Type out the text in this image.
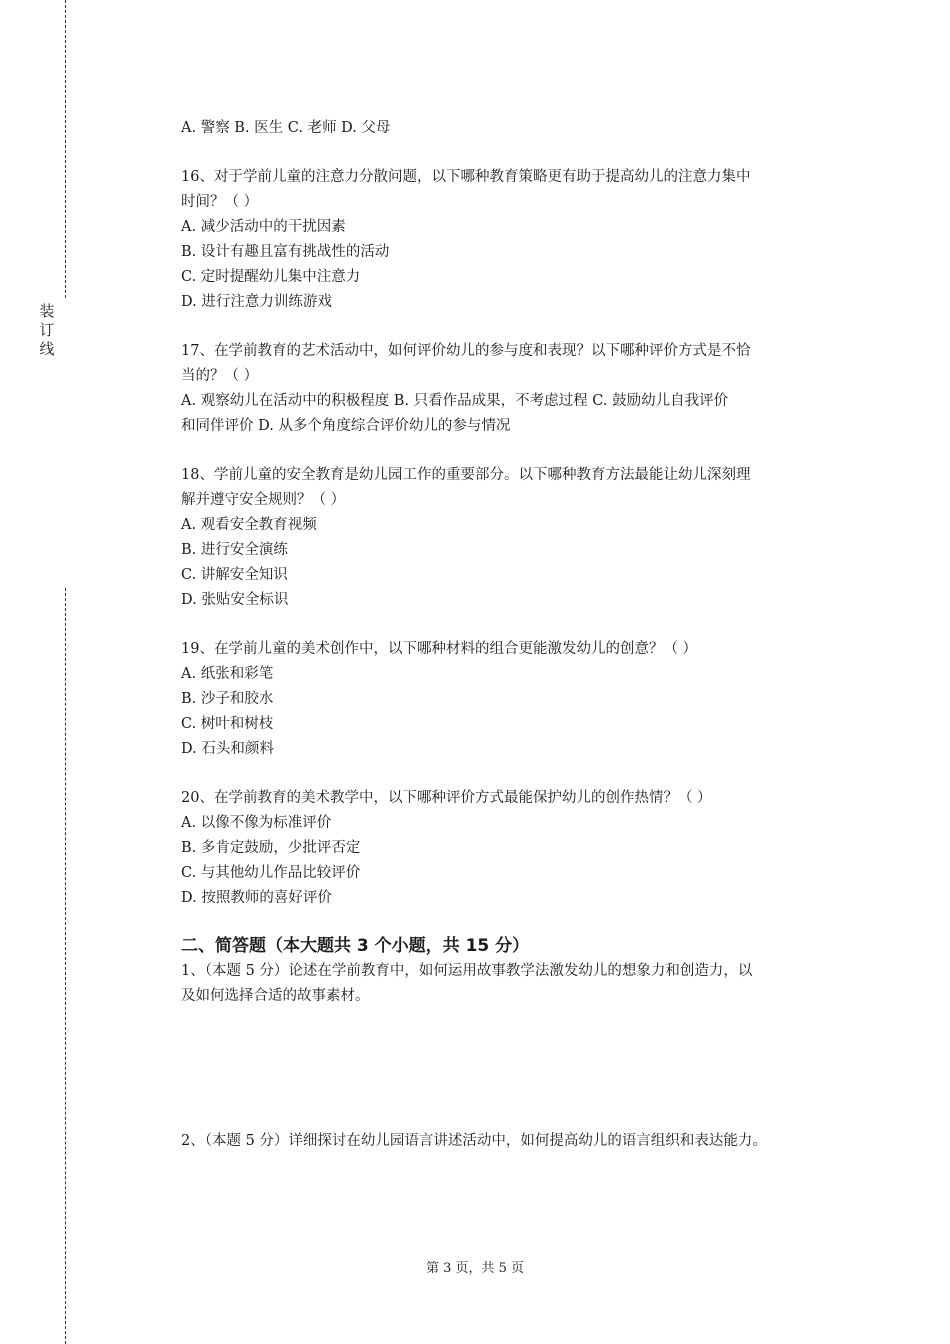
装
订
线
A. 警察 B. 医生 C. 老师 D. 父母
16、对于学前儿童的注意力分散问题，以下哪种教育策略更有助于提高幼儿的注意力集中
时间？（ ）
A. 减少活动中的干扰因素
B. 设计有趣且富有挑战性的活动
C. 定时提醒幼儿集中注意力
D. 进行注意力训练游戏
17、在学前教育的艺术活动中，如何评价幼儿的参与度和表现？以下哪种评价方式是不恰
当的？（ ）
A. 观察幼儿在活动中的积极程度 B. 只看作品成果，不考虑过程 C. 鼓励幼儿自我评价
和同伴评价 D. 从多个角度综合评价幼儿的参与情况
18、学前儿童的安全教育是幼儿园工作的重要部分。以下哪种教育方法最能让幼儿深刻理
解并遵守安全规则？（ ）
A. 观看安全教育视频
B. 进行安全演练
C. 讲解安全知识
D. 张贴安全标识
19、在学前儿童的美术创作中，以下哪种材料的组合更能激发幼儿的创意？（ ）
A. 纸张和彩笔
B. 沙子和胶水
C. 树叶和树枝
D. 石头和颜料
20、在学前教育的美术教学中，以下哪种评价方式最能保护幼儿的创作热情？（ ）
A. 以像不像为标准评价
B. 多肯定鼓励，少批评否定
C. 与其他幼儿作品比较评价
D. 按照教师的喜好评价
二、简答题（本大题共 3 个小题，共 15 分）
1、（本题 5 分）论述在学前教育中，如何运用故事教学法激发幼儿的想象力和创造力，以
及如何选择合适的故事素材。
2、（本题 5 分）详细探讨在幼儿园语言讲述活动中，如何提高幼儿的语言组织和表达能力。
第 3 页，共 5 页
